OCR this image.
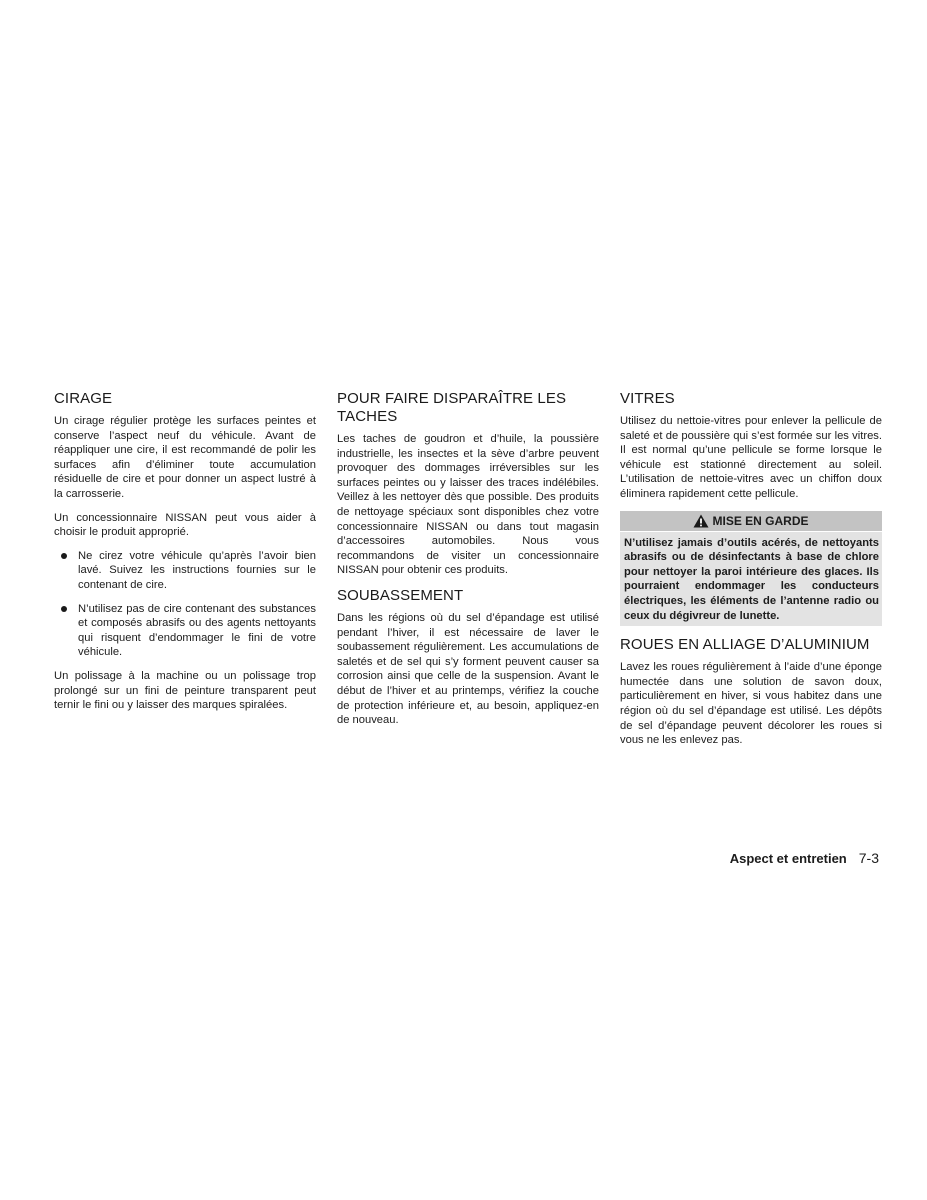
CIRAGE

Un cirage régulier protège les surfaces peintes et conserve l’aspect neuf du véhicule. Avant de réappliquer une cire, il est recommandé de polir les surfaces afin d’éliminer toute accumulation résiduelle de cire et pour donner un aspect lustré à la carrosserie.

Un concessionnaire NISSAN peut vous aider à choisir le produit approprié.

Ne cirez votre véhicule qu’après l’avoir bien lavé. Suivez les instructions fournies sur le contenant de cire.
N’utilisez pas de cire contenant des substances et composés abrasifs ou des agents nettoyants qui risquent d’endommager le fini de votre véhicule.

Un polissage à la machine ou un polissage trop prolongé sur un fini de peinture transparent peut ternir le fini ou y laisser des marques spiralées.

POUR FAIRE DISPARAÎTRE LES TACHES

Les taches de goudron et d’huile, la poussière industrielle, les insectes et la sève d’arbre peuvent provoquer des dommages irréversibles sur les surfaces peintes ou y laisser des traces indélébiles. Veillez à les nettoyer dès que possible. Des produits de nettoyage spéciaux sont disponibles chez votre concessionnaire NISSAN ou dans tout magasin d’accessoires automobiles. Nous vous recommandons de visiter un concessionnaire NISSAN pour obtenir ces produits.

SOUBASSEMENT

Dans les régions où du sel d’épandage est utilisé pendant l’hiver, il est nécessaire de laver le soubassement régulièrement. Les accumulations de saletés et de sel qui s’y forment peuvent causer sa corrosion ainsi que celle de la suspension. Avant le début de l’hiver et au printemps, vérifiez la couche de protection inférieure et, au besoin, appliquez-en de nouveau.

VITRES

Utilisez du nettoie-vitres pour enlever la pellicule de saleté et de poussière qui s’est formée sur les vitres. Il est normal qu’une pellicule se forme lorsque le véhicule est stationné directement au soleil. L’utilisation de nettoie-vitres avec un chiffon doux éliminera rapidement cette pellicule.

MISE EN GARDE
N’utilisez jamais d’outils acérés, de nettoyants abrasifs ou de désinfectants à base de chlore pour nettoyer la paroi intérieure des glaces. Ils pourraient endommager les conducteurs électriques, les éléments de l’antenne radio ou ceux du dégivreur de lunette.
ROUES EN ALLIAGE D’ALUMINIUM

Lavez les roues régulièrement à l’aide d’une éponge humectée dans une solution de savon doux, particulièrement en hiver, si vous habitez dans une région où du sel d’épandage est utilisé. Les dépôts de sel d’épandage peuvent décolorer les roues si vous ne les enlevez pas.

Aspect et entretien 7-3
